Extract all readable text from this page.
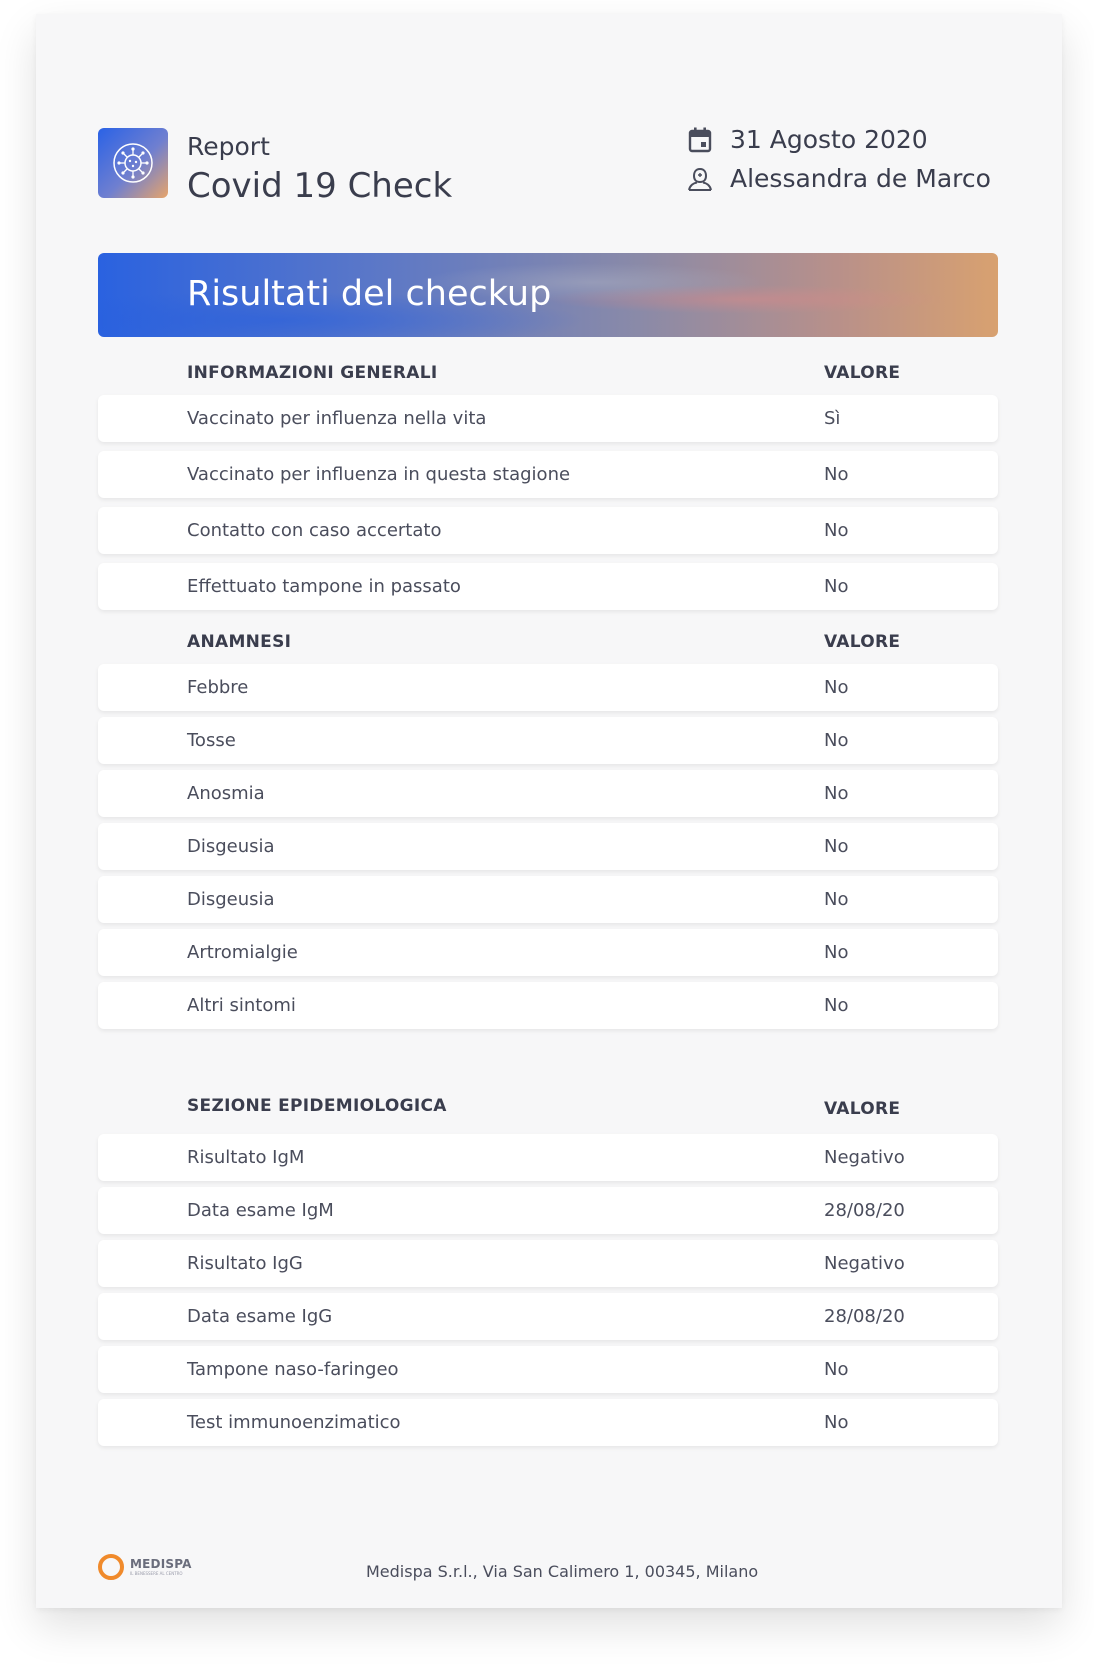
Report
Covid 19 Check
31 Agosto 2020
Alessandra de Marco
Risultati del checkup
INFORMAZIONI GENERALI	VALORE
Vaccinato per influenza nella vita	Sì
Vaccinato per influenza in questa stagione	No
Contatto con caso accertato	No
Effettuato tampone in passato	No
ANAMNESI	VALORE
Febbre	No
Tosse	No
Anosmia	No
Disgeusia	No
Disgeusia	No
Artromialgie	No
Altri sintomi	No
SEZIONE EPIDEMIOLOGICA	VALORE
Risultato IgM	Negativo
Data esame IgM	28/08/20
Risultato IgG	Negativo
Data esame IgG	28/08/20
Tampone naso-faringeo	No
Test immunoenzimatico	No
MEDISPA
IL BENESSERE AL CENTRO	Medispa S.r.l., Via San Calimero 1, 00345, Milano
